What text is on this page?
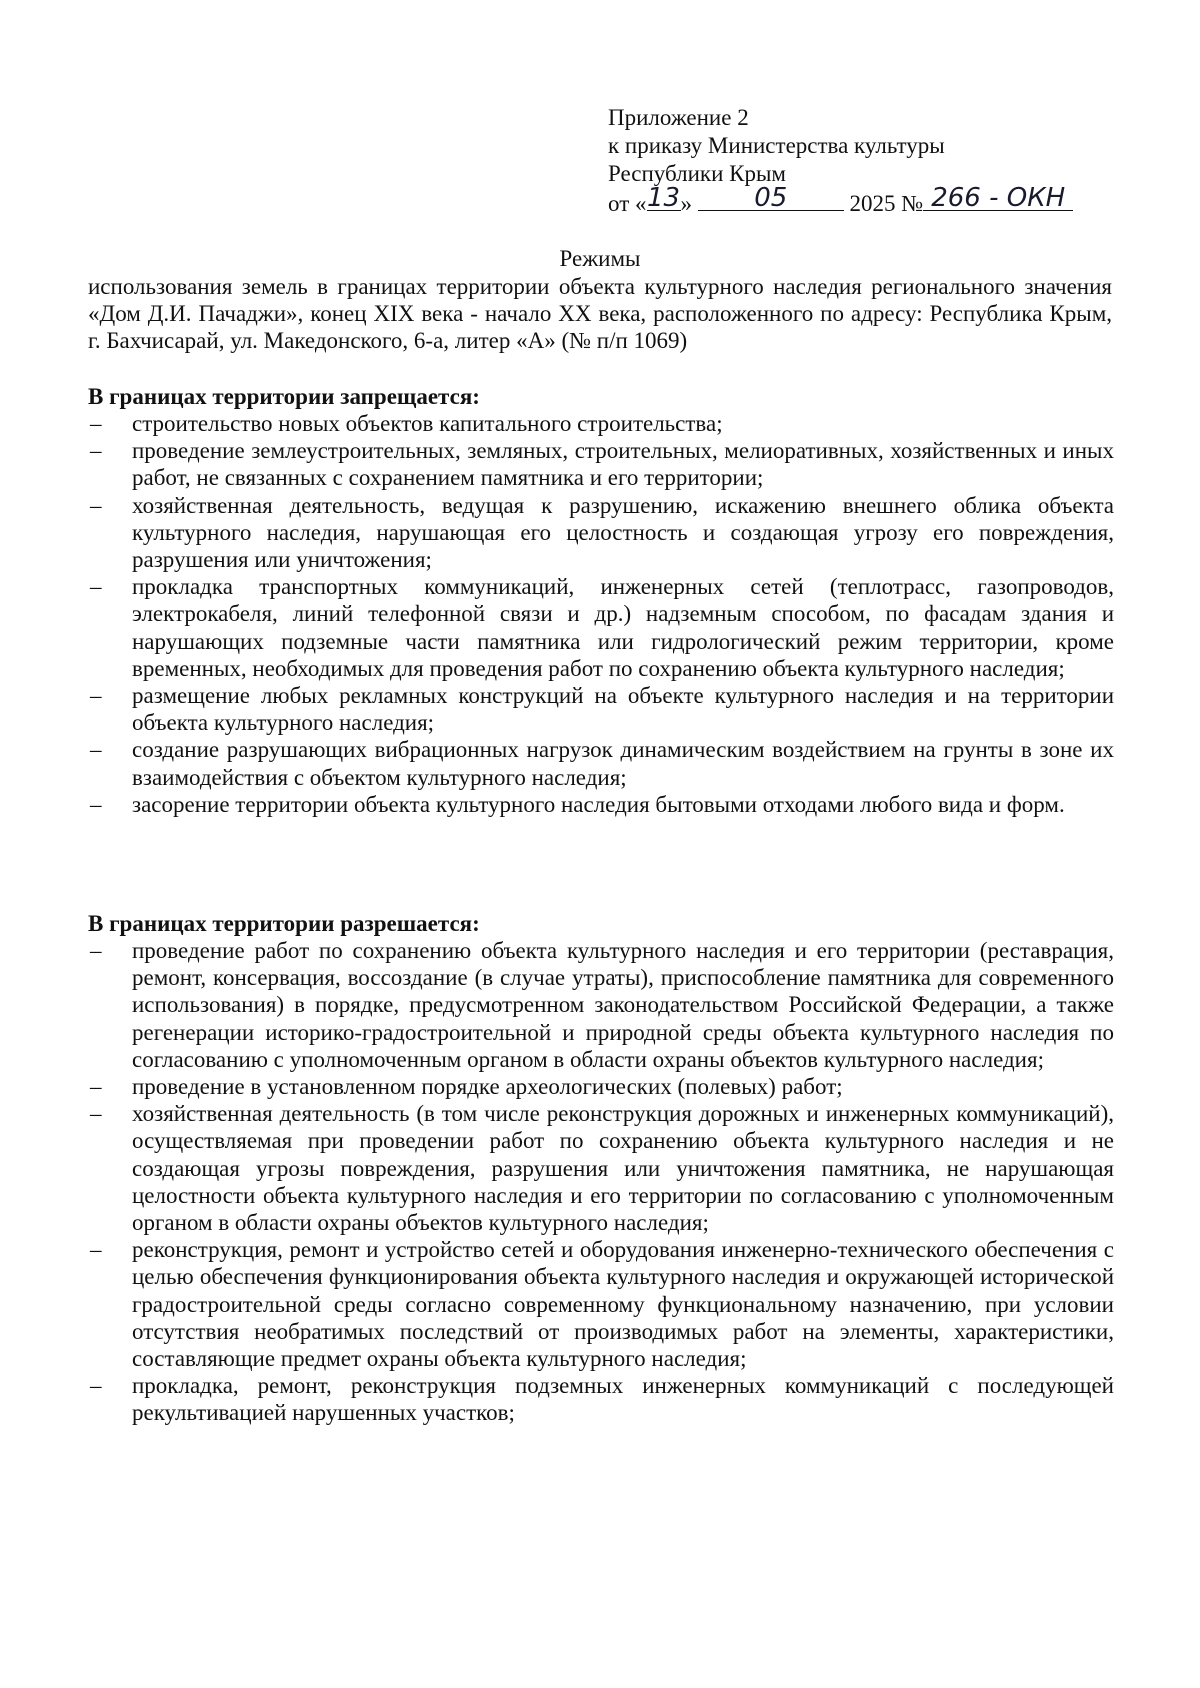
Приложение 2
к приказу Министерства культуры
Республики Крым
от « 13 »	05	2025 № 266 - ОКН
Режимы
использования земель в границах территории объекта культурного наследия регионального значения «Дом Д.И. Пачаджи», конец XIX века - начало XX века, расположенного по адресу: Республика Крым, г. Бахчисарай, ул. Македонского, 6-а, литер «А» (№ п/п 1069)
В границах территории запрещается:
– строительство новых объектов капитального строительства;
– проведение землеустроительных, земляных, строительных, мелиоративных, хозяйственных и иных работ, не связанных с сохранением памятника и его территории;
– хозяйственная деятельность, ведущая к разрушению, искажению внешнего облика объекта культурного наследия, нарушающая его целостность и создающая угрозу его повреждения, разрушения или уничтожения;
– прокладка транспортных коммуникаций, инженерных сетей (теплотрасс, газопроводов, электрокабеля, линий телефонной связи и др.) надземным способом, по фасадам здания и нарушающих подземные части памятника или гидрологический режим территории, кроме временных, необходимых для проведения работ по сохранению объекта культурного наследия;
– размещение любых рекламных конструкций на объекте культурного наследия и на территории объекта культурного наследия;
– создание разрушающих вибрационных нагрузок динамическим воздействием на грунты в зоне их взаимодействия с объектом культурного наследия;
– засорение территории объекта культурного наследия бытовыми отходами любого вида и форм.
В границах территории разрешается:
– проведение работ по сохранению объекта культурного наследия и его территории (реставрация, ремонт, консервация, воссоздание (в случае утраты), приспособление памятника для современного использования) в порядке, предусмотренном законодательством Российской Федерации, а также регенерации историко-градостроительной и природной среды объекта культурного наследия по согласованию с уполномоченным органом в области охраны объектов культурного наследия;
– проведение в установленном порядке археологических (полевых) работ;
– хозяйственная деятельность (в том числе реконструкция дорожных и инженерных коммуникаций), осуществляемая при проведении работ по сохранению объекта культурного наследия и не создающая угрозы повреждения, разрушения или уничтожения памятника, не нарушающая целостности объекта культурного наследия и его территории по согласованию с уполномоченным органом в области охраны объектов культурного наследия;
– реконструкция, ремонт и устройство сетей и оборудования инженерно-технического обеспечения с целью обеспечения функционирования объекта культурного наследия и окружающей исторической градостроительной среды согласно современному функциональному назначению, при условии отсутствия необратимых последствий от производимых работ на элементы, характеристики, составляющие предмет охраны объекта культурного наследия;
– прокладка, ремонт, реконструкция подземных инженерных коммуникаций с последующей рекультивацией нарушенных участков;
